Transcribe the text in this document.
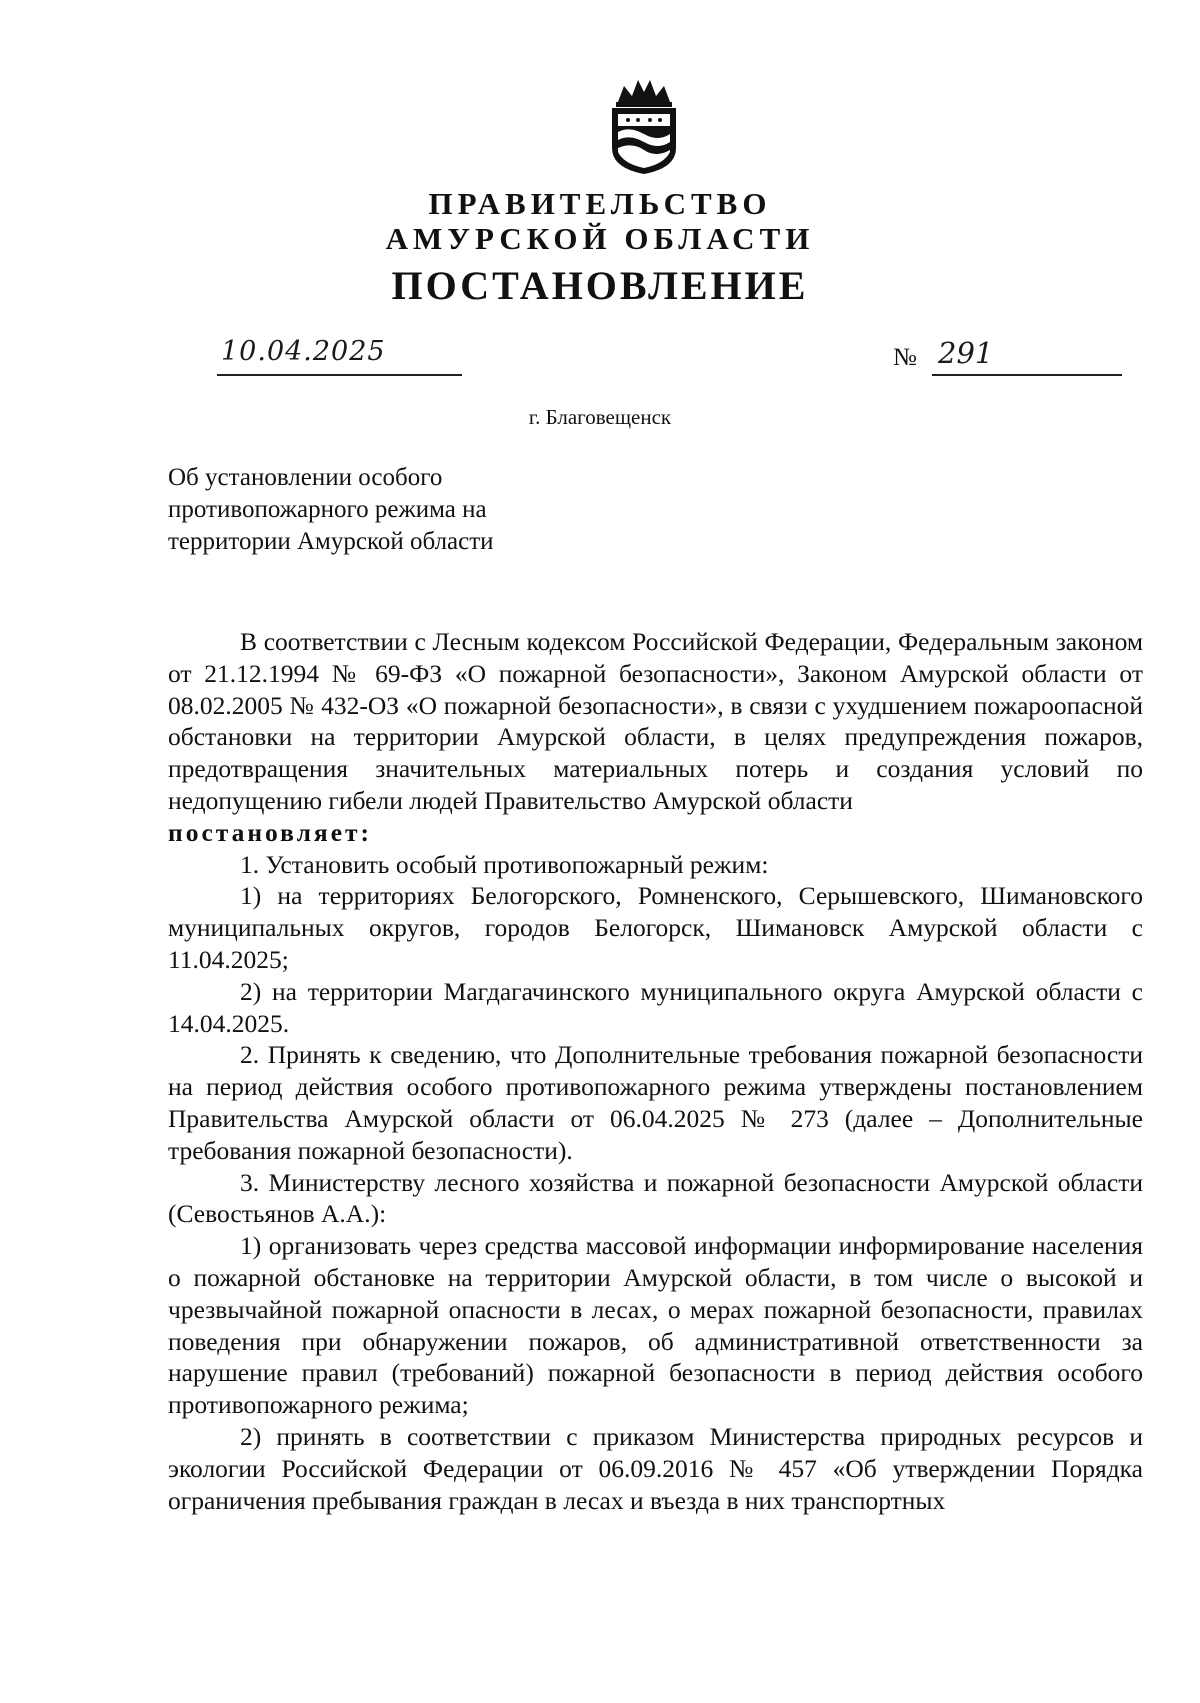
ПРАВИТЕЛЬСТВО
АМУРСКОЙ ОБЛАСТИ
ПОСТАНОВЛЕНИЕ
10.04.2025	№ 291
г. Благовещенск
Об установлении особого
противопожарного режима на
территории Амурской области

В соответствии с Лесным кодексом Российской Федерации, Федеральным законом от 21.12.1994 № 69-ФЗ «О пожарной безопасности», Законом Амурской области от 08.02.2005 № 432-ОЗ «О пожарной безопасности», в связи с ухудшением пожароопасной обстановки на территории Амурской области, в целях предупреждения пожаров, предотвращения значительных материальных потерь и создания условий по недопущению гибели людей Правительство Амурской области

постановляет:

1. Установить особый противопожарный режим:

1) на территориях Белогорского, Ромненского, Серышевского, Шимановского муниципальных округов, городов Белогорск, Шимановск Амурской области с 11.04.2025;

2) на территории Магдагачинского муниципального округа Амурской области с 14.04.2025.

2. Принять к сведению, что Дополнительные требования пожарной безопасности на период действия особого противопожарного режима утверждены постановлением Правительства Амурской области от 06.04.2025 № 273 (далее – Дополнительные требования пожарной безопасности).

3. Министерству лесного хозяйства и пожарной безопасности Амурской области (Севостьянов А.А.):

1) организовать через средства массовой информации информирование населения о пожарной обстановке на территории Амурской области, в том числе о высокой и чрезвычайной пожарной опасности в лесах, о мерах пожарной безопасности, правилах поведения при обнаружении пожаров, об административной ответственности за нарушение правил (требований) пожарной безопасности в период действия особого противопожарного режима;

2) принять в соответствии с приказом Министерства природных ресурсов и экологии Российской Федерации от 06.09.2016 № 457 «Об утверждении Порядка ограничения пребывания граждан в лесах и въезда в них транспортных
